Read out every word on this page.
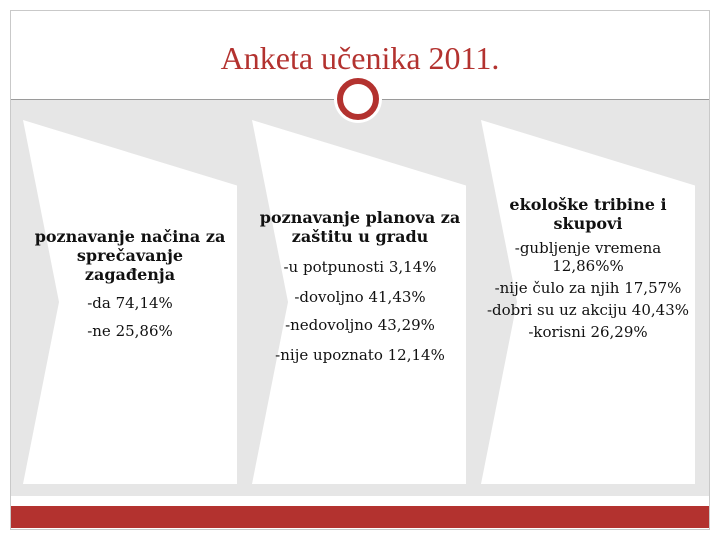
Anketa učenika 2011.
poznavanje načina za sprečavanje zagađenja
-da 74,14%
-ne 25,86%
poznavanje planova za zaštitu u gradu
-u potpunosti 3,14%
-dovoljno 41,43%
-nedovoljno 43,29%
-nije upoznato 12,14%
ekološke tribine i skupovi
-gubljenje vremena 12,86%%
-nije čulo za njih 17,57%
-dobri su uz akciju 40,43%
-korisni 26,29%
